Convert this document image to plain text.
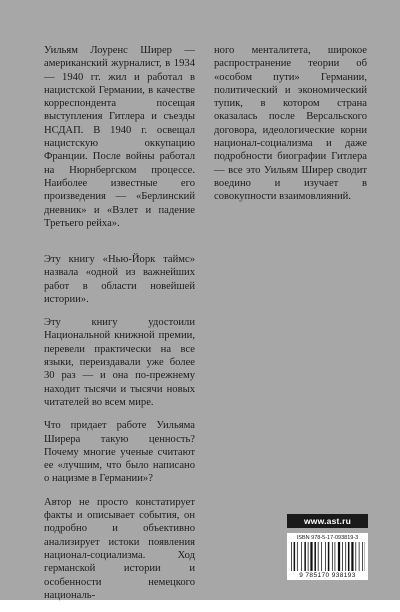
Уильям Лоуренс Ширер — американский журналист, в 1934 — 1940 гг. жил и работал в нацистской Германии, в качестве корреспондента посещая выступления Гитлера и съезды НСДАП. В 1940 г. освещал нацистскую оккупацию Франции. После войны работал на Нюрнбергском процессе. Наиболее известные его произведения — «Берлинский дневник» и «Взлет и падение Третьего рейха».

Эту книгу «Нью-Йорк таймс» назвала «одной из важнейших работ в области новейшей истории».

Эту книгу удостоили Национальной книжной премии, перевели практически на все языки, переиздавали уже более 30 раз — и она по-прежнему находит тысячи и тысячи новых читателей во всем мире.

Что придает работе Уильяма Ширера такую ценность? Почему многие ученые считают ее «лучшим, что было написано о нацизме в Германии»?

Автор не просто констатирует факты и описывает события, он подробно и объективно анализирует истоки появления национал-социализма. Ход германской истории и особенности немецкого националь-

ного менталитета, широкое распространение теории об «особом пути» Германии, политический и экономический тупик, в котором страна оказалась после Версальского договора, идеологические корни национал-социализма и даже подробности биографии Гитлера — все это Уильям Ширер сводит воедино и изучает в совокупности взаимовлияний.

www.ast.ru
ISBN 978-5-17-093819-3
9 785170 938193
